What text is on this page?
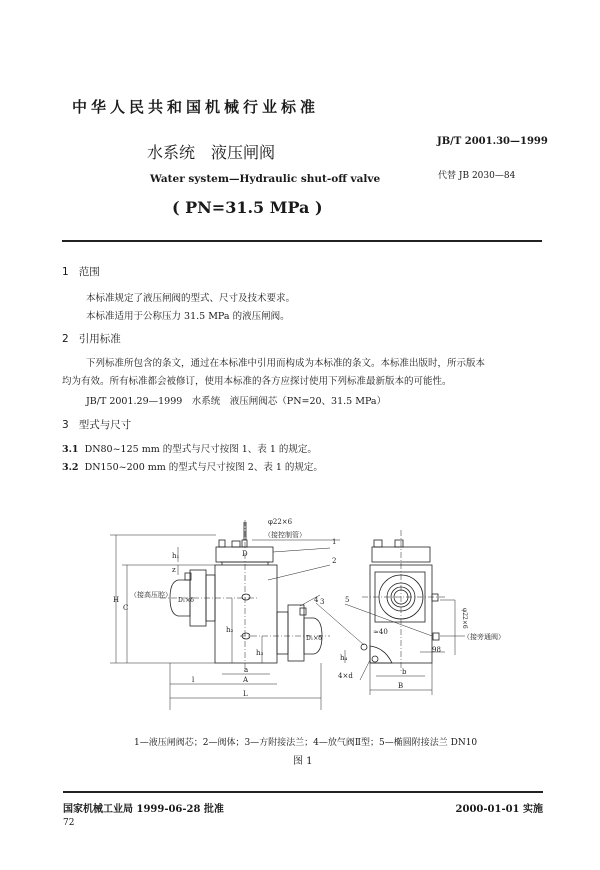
中华人民共和国机械行业标准
水系统　液压闸阀
Water system—Hydraulic shut-off valve
( PN=31.5 MPa )
JB/T 2001.30—1999
代替 JB 2030—84
1 范围
本标准规定了液压闸阀的型式、尺寸及技术要求。
本标准适用于公称压力 31.5 MPa 的液压闸阀。
2 引用标准
下列标准所包含的条文，通过在本标准中引用而构成为本标准的条文。本标准出版时，所示版本
均为有效。所有标准都会被修订，使用本标准的各方应探讨使用下列标准最新版本的可能性。
JB/T 2001.29—1999　水系统　液压闸阀芯（PN=20、31.5 MPa）
3 型式与尺寸
3.1 DN80~125 mm 的型式与尺寸按图 1、表 1 的规定。
3.2 DN150~200 mm 的型式与尺寸按图 2、表 1 的规定。
H
C
h₁
z
h₂
h₃
D
a
A
l
L
D₁×δ
D₁×δ
（接高压腔）
φ22×6
（接控制管）
1
2
3
≈40
98
h₄
4×d	b
B
φ22×6
（接旁通阀）
4	5
1—液压闸阀芯；2—阀体；3—方附接法兰；4—放气阀Ⅱ型；5—椭圆附接法兰 DN10
图 1
国家机械工业局 1999-06-28 批准	2000-01-01 实施
72
